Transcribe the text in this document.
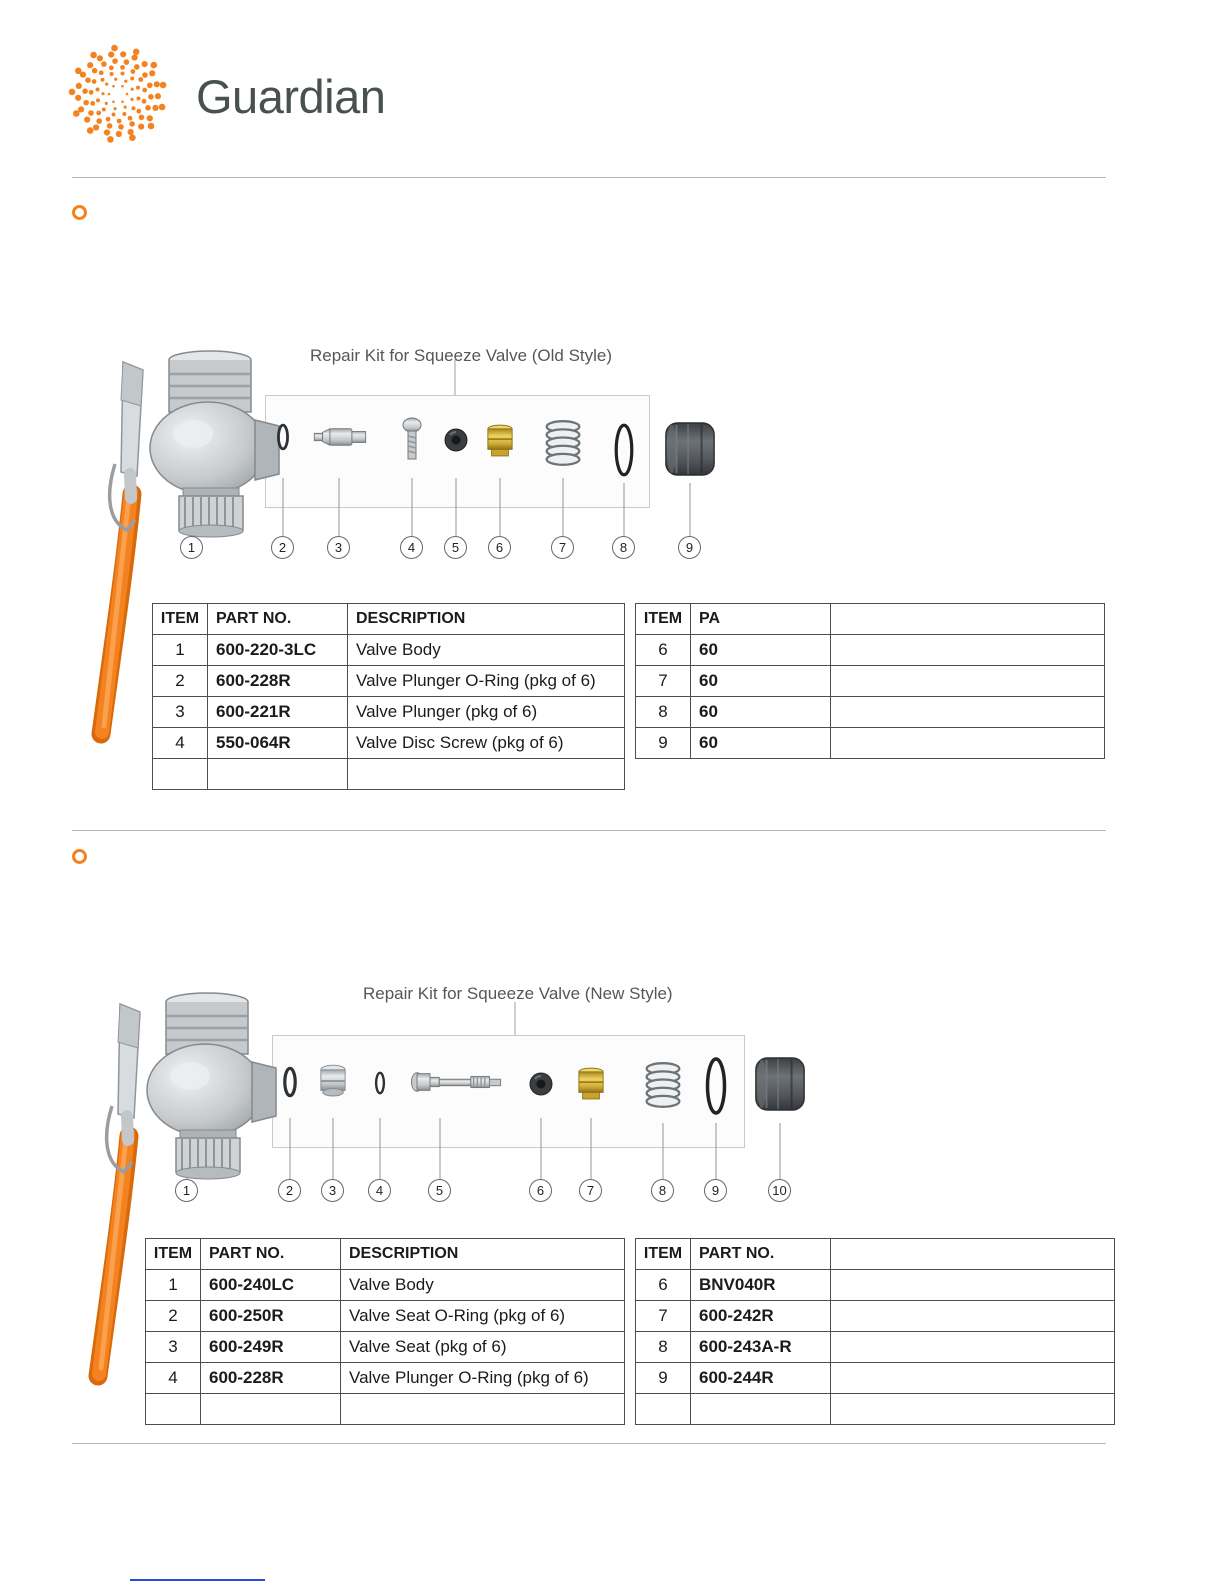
Guardian
Repair Kit for Squeeze Valve (Old Style)
1	2	3	4	5	6	7	8	9
ITEM	PART NO.	DESCRIPTION
1	600-220-3LC	Valve Body
2	600-228R	Valve Plunger O-Ring (pkg of 6)
3	600-221R	Valve Plunger (pkg of 6)
4	550-064R	Valve Disc Screw (pkg of 6)

ITEM	PA	
6	60	
7	60	
8	60	
9	60	
Repair Kit for Squeeze Valve (New Style)
1	2	3	4	5	6	7	8	9	10
ITEM	PART NO.	DESCRIPTION
1	600-240LC	Valve Body
2	600-250R	Valve Seat O-Ring (pkg of 6)
3	600-249R	Valve Seat (pkg of 6)
4	600-228R	Valve Plunger O-Ring (pkg of 6)

ITEM	PART NO.	
6	BNV040R	
7	600-242R	
8	600-243A-R	
9	600-244R	
